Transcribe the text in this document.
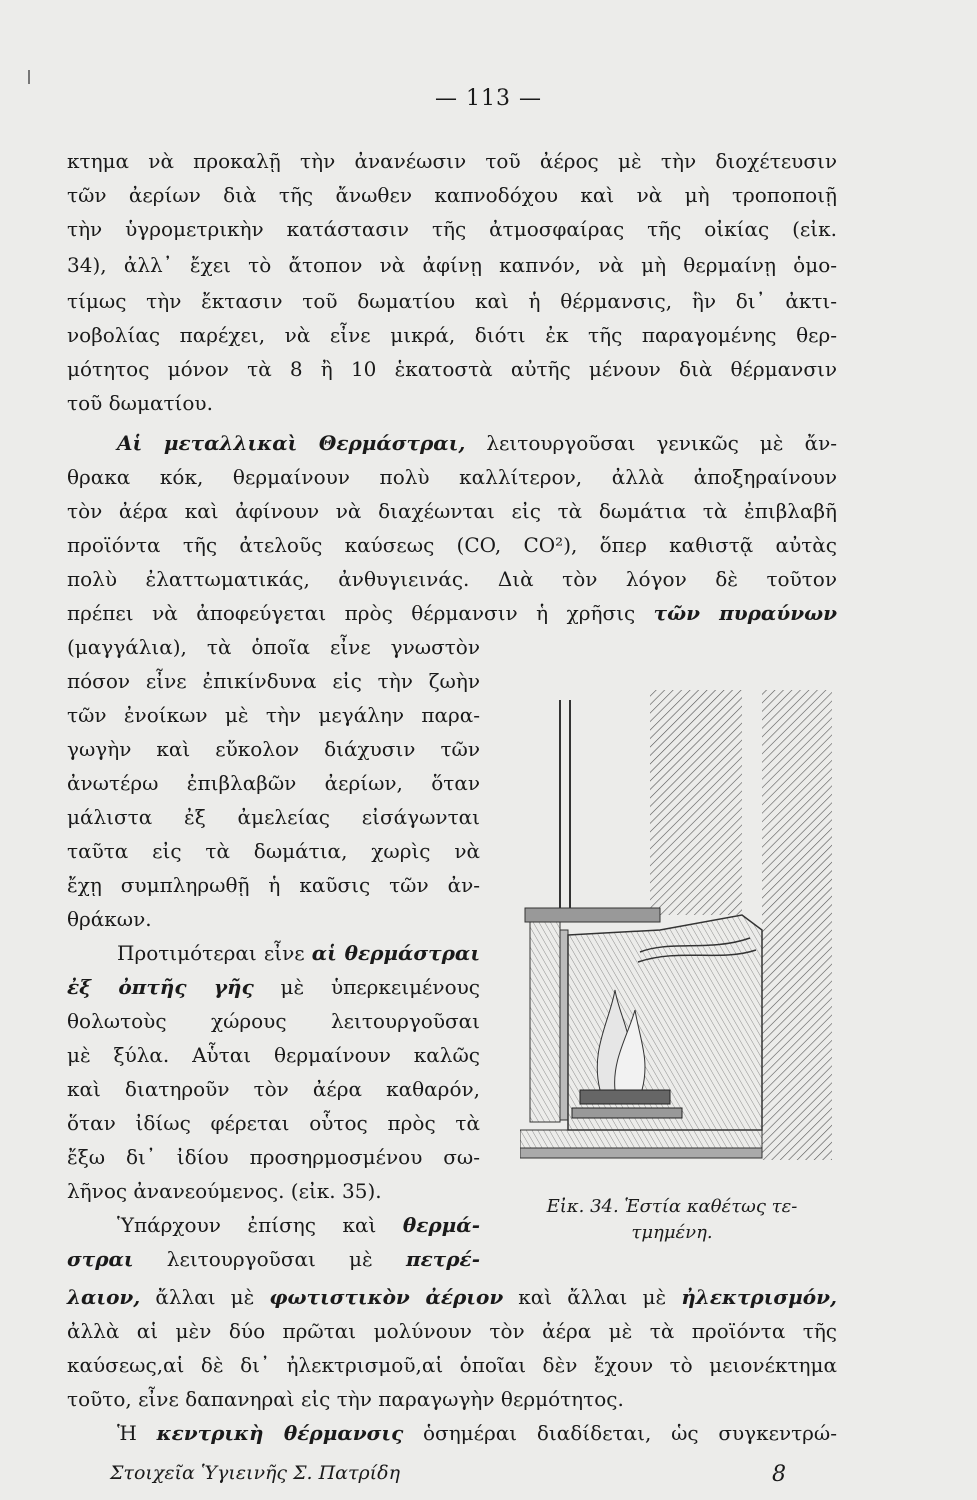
— 113 —
κτημα νὰ προκαλῇ τὴν ἀνανέωσιν τοῦ ἀέρος μὲ τὴν διοχέτευσιν
τῶν ἀερίων διὰ τῆς ἄνωθεν καπνοδόχου καὶ νὰ μὴ τροποποιῇ
τὴν ὑγρομετρικὴν κατάστασιν τῆς ἀτμοσφαίρας τῆς οἰκίας (εἰκ.
34), ἀλλ᾿ ἔχει τὸ ἄτοπον νὰ ἀφίνῃ καπνόν, νὰ μὴ θερμαίνῃ ὁμο-
τίμως τὴν ἔκτασιν τοῦ δωματίου καὶ ἡ θέρμανσις, ἣν δι᾿ ἀκτι-
νοβολίας παρέχει, νὰ εἶνε μικρά, διότι ἐκ τῆς παραγομένης θερ-
μότητος μόνον τὰ 8 ἢ 10 ἑκατοστὰ αὐτῆς μένουν διὰ θέρμανσιν
τοῦ δωματίου.
Αἱ μεταλλικαὶ Θερμάστραι, λειτουργοῦσαι γενικῶς μὲ ἄν-
θρακα κόκ, θερμαίνουν πολὺ καλλίτερον, ἀλλὰ ἀποξηραίνουν
τὸν ἀέρα καὶ ἀφίνουν νὰ διαχέωνται εἰς τὰ δωμάτια τὰ ἐπιβλαβῆ
προϊόντα τῆς ἀτελοῦς καύσεως (CO, CO²), ὅπερ καθιστᾷ αὐτὰς
πολὺ ἐλαττωματικάς, ἀνθυγιεινάς. Διὰ τὸν λόγον δὲ τοῦτον
πρέπει νὰ ἀποφεύγεται πρὸς θέρμανσιν ἡ χρῆσις τῶν πυραύνων
(μαγγάλια), τὰ ὁποῖα εἶνε γνωστὸν
πόσον εἶνε ἐπικίνδυνα εἰς τὴν ζωὴν
τῶν ἐνοίκων μὲ τὴν μεγάλην παρα-
γωγὴν καὶ εὔκολον διάχυσιν τῶν
ἀνωτέρω ἐπιβλαβῶν ἀερίων, ὅταν
μάλιστα ἐξ ἀμελείας εἰσάγωνται
ταῦτα εἰς τὰ δωμάτια, χωρὶς νὰ
ἔχῃ συμπληρωθῇ ἡ καῦσις τῶν ἀν-
θράκων.
Προτιμότεραι εἶνε αἱ θερμάστραι
ἐξ ὀπτῆς γῆς μὲ ὑπερκειμένους
θολωτοὺς χώρους λειτουργοῦσαι
μὲ ξύλα. Αὗται θερμαίνουν καλῶς
καὶ διατηροῦν τὸν ἀέρα καθαρόν,
ὅταν ἰδίως φέρεται οὗτος πρὸς τὰ
ἔξω δι᾿ ἰδίου προσηρμοσμένου σω-
λῆνος ἀνανεούμενος. (εἰκ. 35).
Ὑπάρχουν ἐπίσης καὶ θερμά-
στραι λειτουργοῦσαι μὲ πετρέ-
λαιον, ἄλλαι μὲ φωτιστικὸν ἀέριον καὶ ἄλλαι μὲ ἠλεκτρισμόν,
ἀλλὰ αἱ μὲν δύο πρῶται μολύνουν τὸν ἀέρα μὲ τὰ προϊόντα τῆς
καύσεως,αἱ δὲ δι᾿ ἠλεκτρισμοῦ,αἱ ὁποῖαι δὲν ἔχουν τὸ μειονέκτημα
τοῦτο, εἶνε δαπανηραὶ εἰς τὴν παραγωγὴν θερμότητος.
Ἡ κεντρικὴ θέρμανσις ὁσημέραι διαδίδεται, ὡς συγκεντρώ-
Εἰκ. 34. Ἑστία καθέτως τε-
τμημένη.
Στοιχεῖα Ὑγιεινῆς Σ. Πατρίδη	8
